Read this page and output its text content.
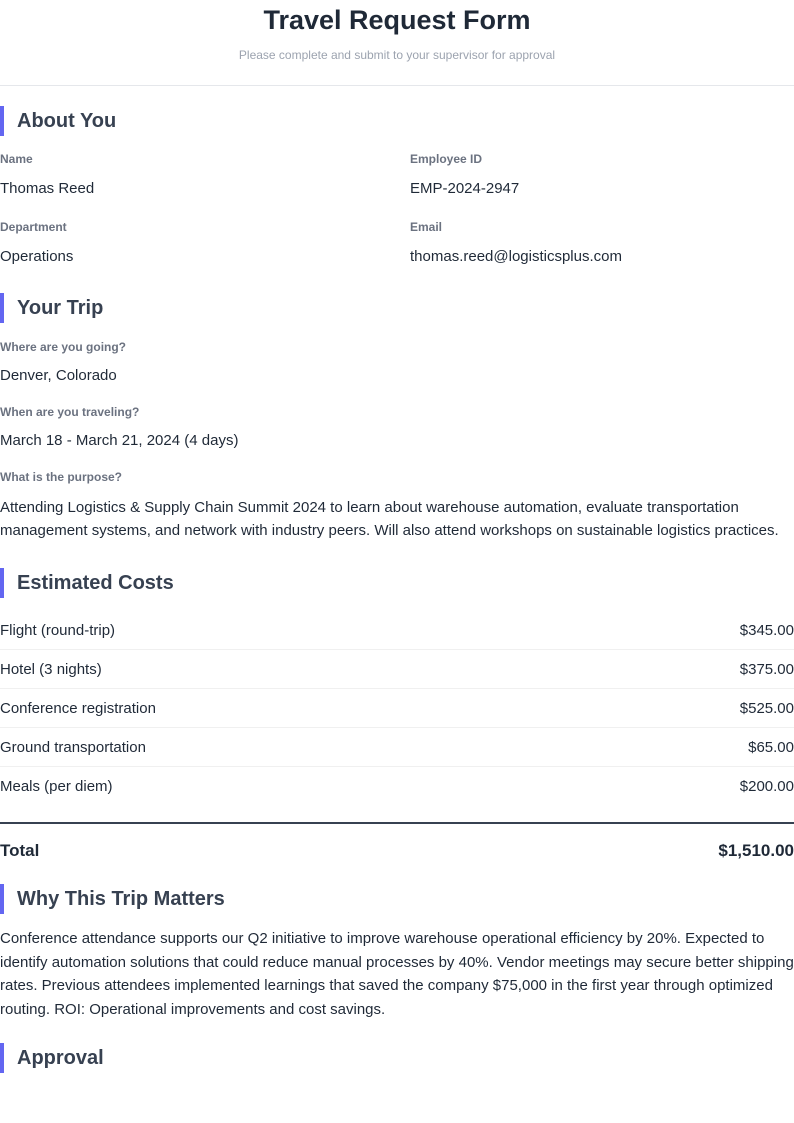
Travel Request Form
Please complete and submit to your supervisor for approval
About You
Name
Thomas Reed
Employee ID
EMP-2024-2947
Department
Operations
Email
thomas.reed@logisticsplus.com
Your Trip
Where are you going?
Denver, Colorado
When are you traveling?
March 18 - March 21, 2024 (4 days)
What is the purpose?
Attending Logistics & Supply Chain Summit 2024 to learn about warehouse automation, evaluate transportation management systems, and network with industry peers. Will also attend workshops on sustainable logistics practices.
Estimated Costs
Flight (round-trip)	$345.00
Hotel (3 nights)	$375.00
Conference registration	$525.00
Ground transportation	$65.00
Meals (per diem)	$200.00
Total	$1,510.00
Why This Trip Matters
Conference attendance supports our Q2 initiative to improve warehouse operational efficiency by 20%. Expected to identify automation solutions that could reduce manual processes by 40%. Vendor meetings may secure better shipping rates. Previous attendees implemented learnings that saved the company $75,000 in the first year through optimized routing. ROI: Operational improvements and cost savings.
Approval
